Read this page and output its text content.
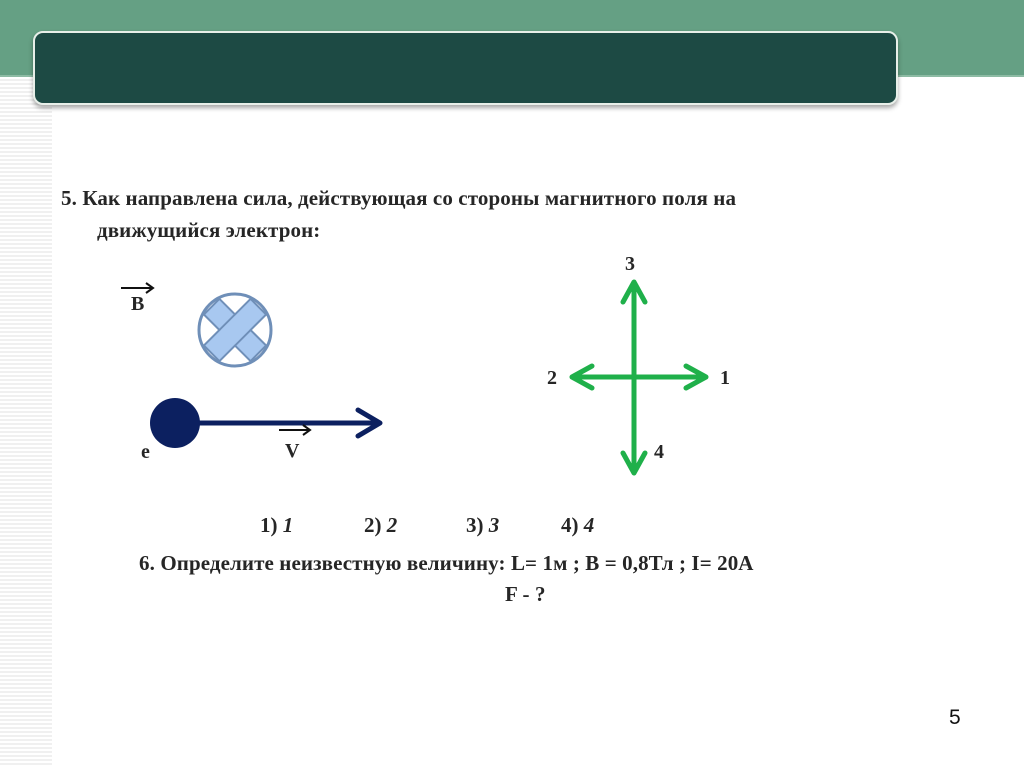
5. Как направлена сила, действующая со стороны магнитного поля на
движущийся электрон:
B
e	V
3
2	1
4
1) 1	2) 2	3) 3	4) 4
6. Определите неизвестную величину: L= 1м ; B = 0,8Тл ; I= 20А
F - ?
5
